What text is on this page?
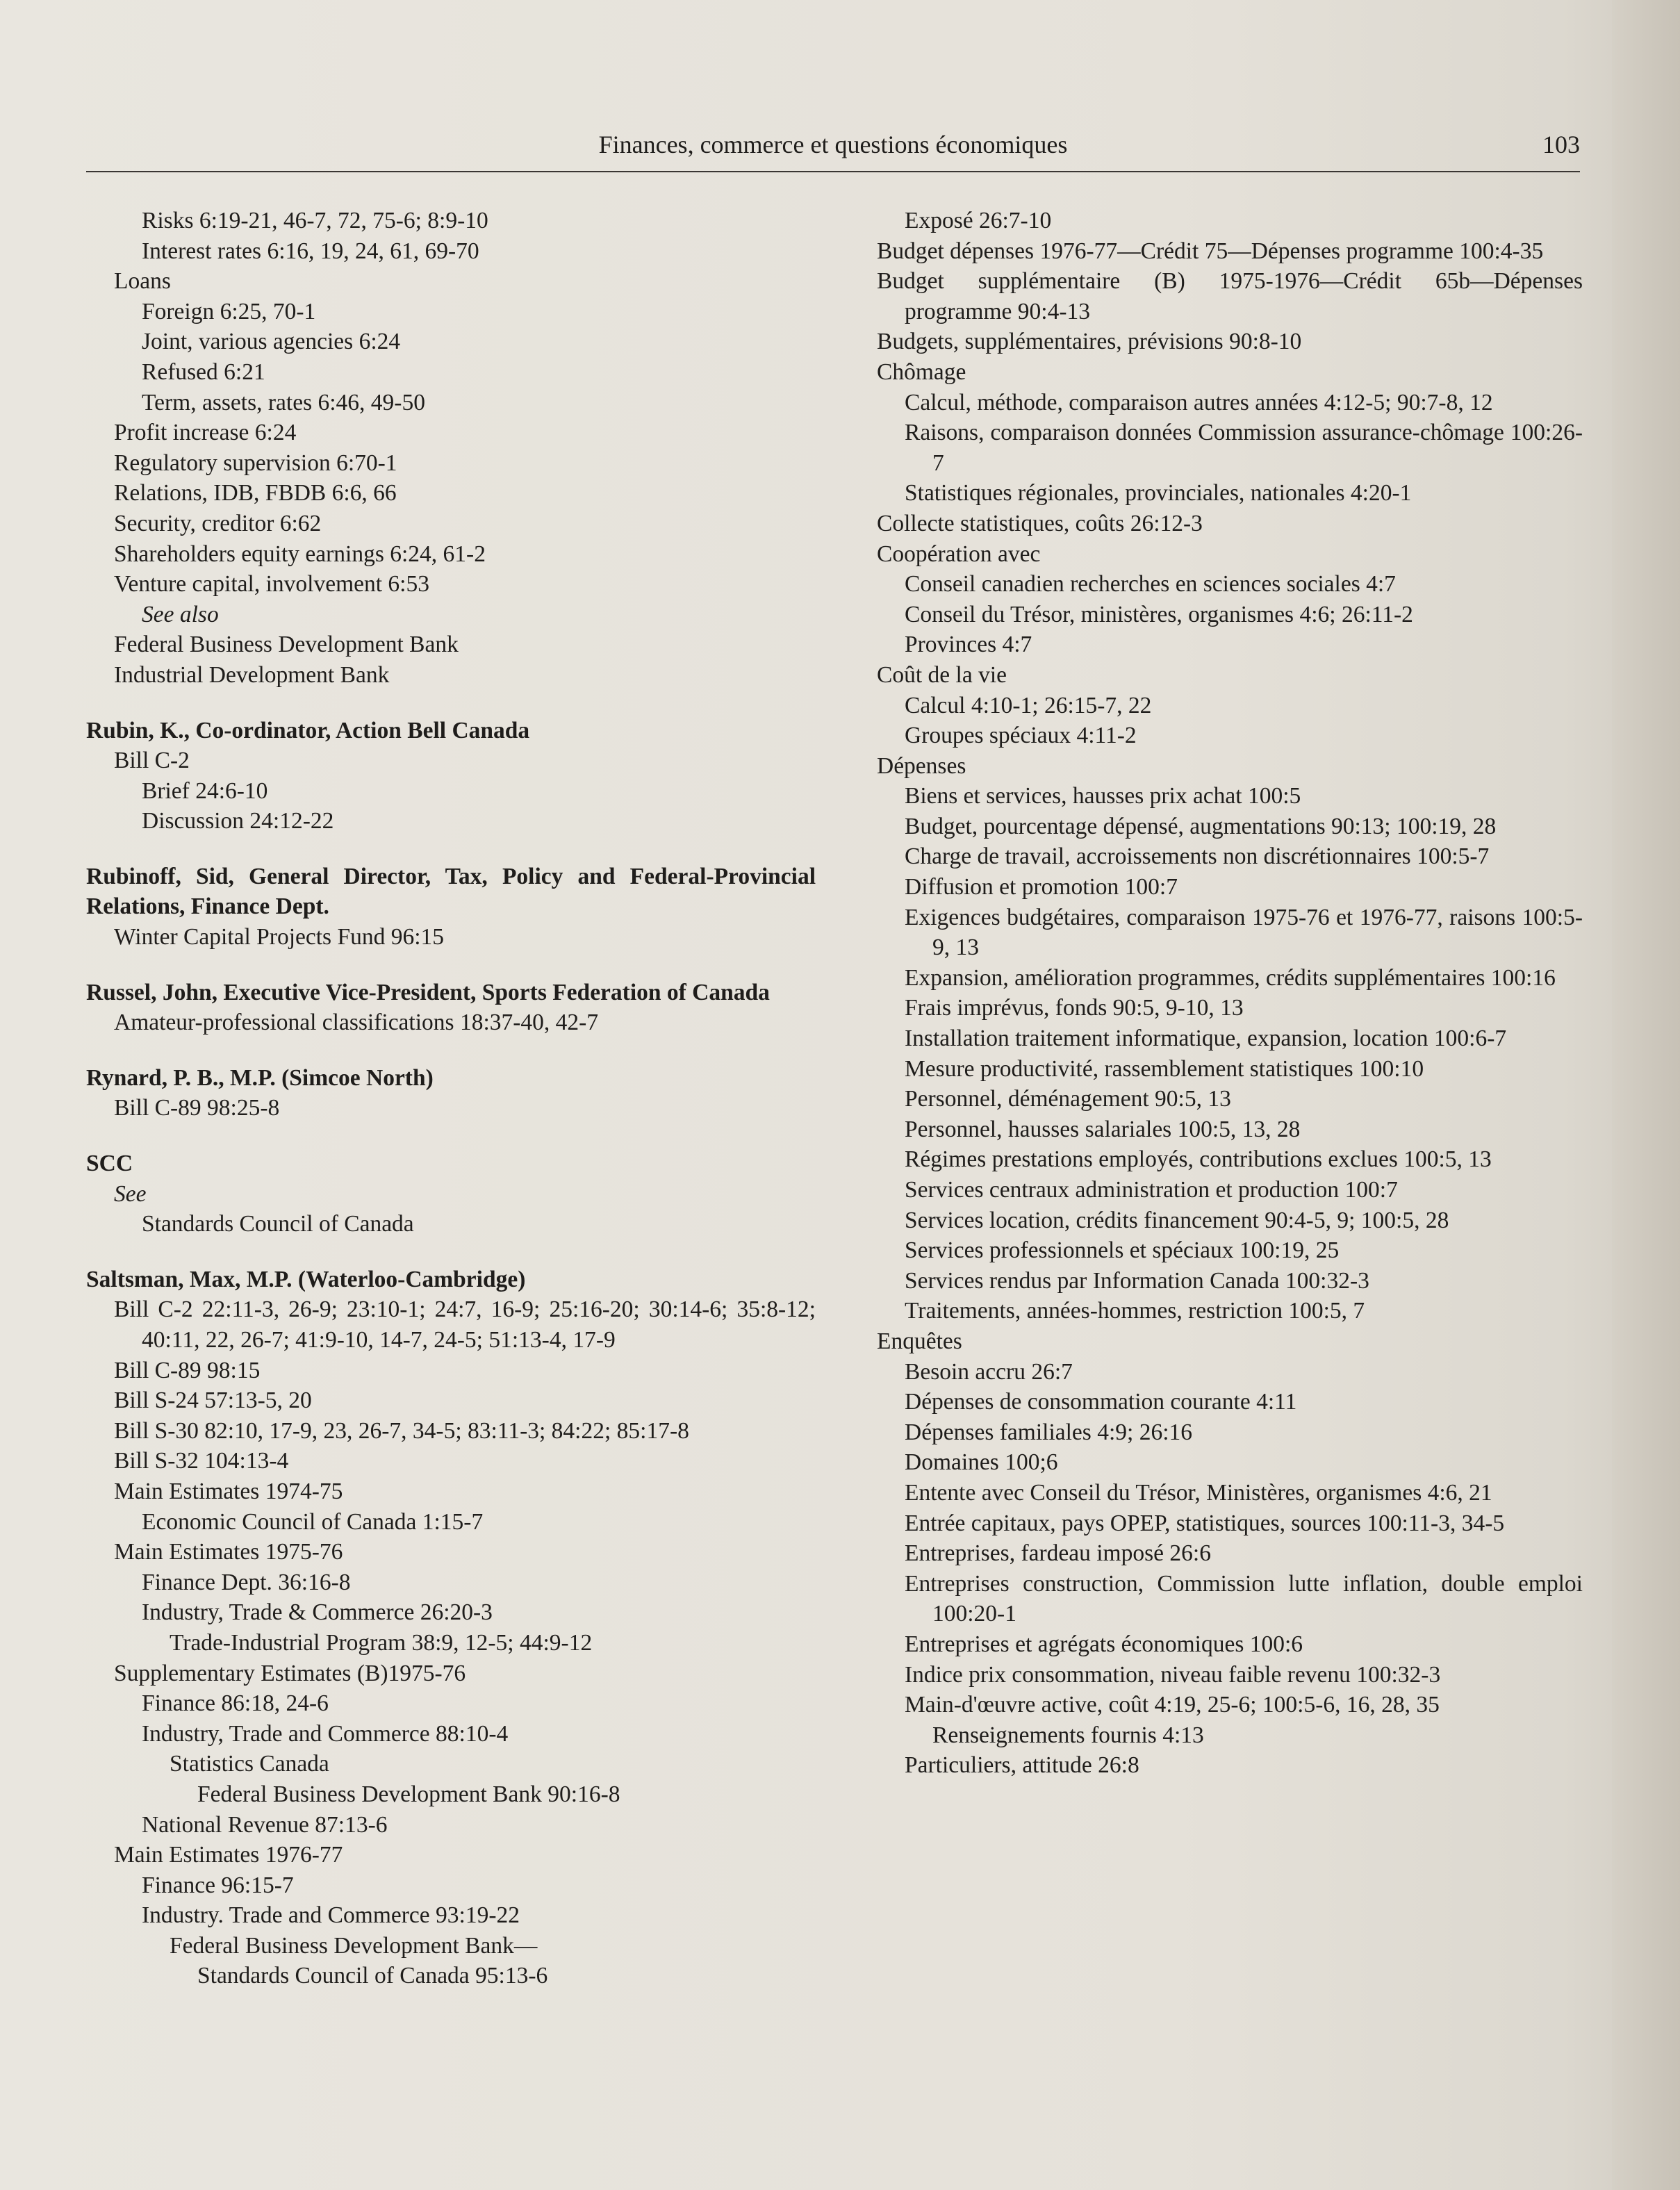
Finances, commerce et questions économiques	103
Risks 6:19-21, 46-7, 72, 75-6; 8:9-10
Interest rates 6:16, 19, 24, 61, 69-70
Loans
Foreign 6:25, 70-1
Joint, various agencies 6:24
Refused 6:21
Term, assets, rates 6:46, 49-50
Profit increase 6:24
Regulatory supervision 6:70-1
Relations, IDB, FBDB 6:6, 66
Security, creditor 6:62
Shareholders equity earnings 6:24, 61-2
Venture capital, involvement 6:53
See also
Federal Business Development Bank
Industrial Development Bank
Rubin, K., Co-ordinator, Action Bell Canada
Bill C-2
Brief 24:6-10
Discussion 24:12-22
Rubinoff, Sid, General Director, Tax, Policy and Federal-Provincial Relations, Finance Dept.
Winter Capital Projects Fund 96:15
Russel, John, Executive Vice-President, Sports Federation of Canada
Amateur-professional classifications 18:37-40, 42-7
Rynard, P. B., M.P. (Simcoe North)
Bill C-89 98:25-8
SCC
See
Standards Council of Canada
Saltsman, Max, M.P. (Waterloo-Cambridge)
Bill C-2 22:11-3, 26-9; 23:10-1; 24:7, 16-9; 25:16-20; 30:14-6; 35:8-12; 40:11, 22, 26-7; 41:9-10, 14-7, 24-5; 51:13-4, 17-9
Bill C-89 98:15
Bill S-24 57:13-5, 20
Bill S-30 82:10, 17-9, 23, 26-7, 34-5; 83:11-3; 84:22; 85:17-8
Bill S-32 104:13-4
Main Estimates 1974-75
Economic Council of Canada 1:15-7
Main Estimates 1975-76
Finance Dept. 36:16-8
Industry, Trade & Commerce 26:20-3
Trade-Industrial Program 38:9, 12-5; 44:9-12
Supplementary Estimates (B)1975-76
Finance 86:18, 24-6
Industry, Trade and Commerce 88:10-4
Statistics Canada
Federal Business Development Bank 90:16-8
National Revenue 87:13-6
Main Estimates 1976-77
Finance 96:15-7
Industry. Trade and Commerce 93:19-22
Federal Business Development Bank—
Standards Council of Canada 95:13-6
Exposé 26:7-10
Budget dépenses 1976-77—Crédit 75—Dépenses programme 100:4-35
Budget supplémentaire (B) 1975-1976—Crédit 65b—Dépenses programme 90:4-13
Budgets, supplémentaires, prévisions 90:8-10
Chômage
Calcul, méthode, comparaison autres années 4:12-5; 90:7-8, 12
Raisons, comparaison données Commission assurance-chômage 100:26-7
Statistiques régionales, provinciales, nationales 4:20-1
Collecte statistiques, coûts 26:12-3
Coopération avec
Conseil canadien recherches en sciences sociales 4:7
Conseil du Trésor, ministères, organismes 4:6; 26:11-2
Provinces 4:7
Coût de la vie
Calcul 4:10-1; 26:15-7, 22
Groupes spéciaux 4:11-2
Dépenses
Biens et services, hausses prix achat 100:5
Budget, pourcentage dépensé, augmentations 90:13; 100:19, 28
Charge de travail, accroissements non discrétionnaires 100:5-7
Diffusion et promotion 100:7
Exigences budgétaires, comparaison 1975-76 et 1976-77, raisons 100:5-9, 13
Expansion, amélioration programmes, crédits supplémentaires 100:16
Frais imprévus, fonds 90:5, 9-10, 13
Installation traitement informatique, expansion, location 100:6-7
Mesure productivité, rassemblement statistiques 100:10
Personnel, déménagement 90:5, 13
Personnel, hausses salariales 100:5, 13, 28
Régimes prestations employés, contributions exclues 100:5, 13
Services centraux administration et production 100:7
Services location, crédits financement 90:4-5, 9; 100:5, 28
Services professionnels et spéciaux 100:19, 25
Services rendus par Information Canada 100:32-3
Traitements, années-hommes, restriction 100:5, 7
Enquêtes
Besoin accru 26:7
Dépenses de consommation courante 4:11
Dépenses familiales 4:9; 26:16
Domaines 100;6
Entente avec Conseil du Trésor, Ministères, organismes 4:6, 21
Entrée capitaux, pays OPEP, statistiques, sources 100:11-3, 34-5
Entreprises, fardeau imposé 26:6
Entreprises construction, Commission lutte inflation, double emploi 100:20-1
Entreprises et agrégats économiques 100:6
Indice prix consommation, niveau faible revenu 100:32-3
Main-d'œuvre active, coût 4:19, 25-6; 100:5-6, 16, 28, 35
Renseignements fournis 4:13
Particuliers, attitude 26:8
